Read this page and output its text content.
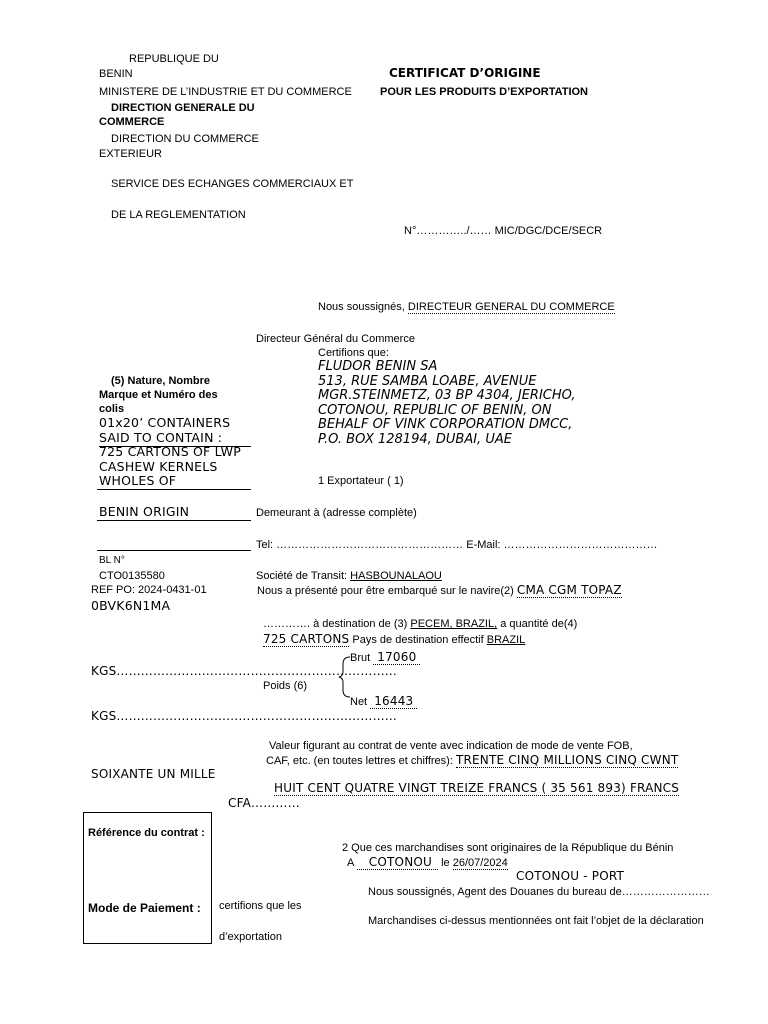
REPUBLIQUE DU
BENIN
MINISTERE DE L’INDUSTRIE ET DU COMMERCE
DIRECTION GENERALE DU
COMMERCE
DIRECTION DU COMMERCE
EXTERIEUR
SERVICE DES ECHANGES COMMERCIAUX ET
DE LA REGLEMENTATION
CERTIFICAT D’ORIGINE
POUR LES PRODUITS D’EXPORTATION
N°…………../…… MIC/DGC/DCE/SECR
Nous soussignés, DIRECTEUR GENERAL DU COMMERCE
Directeur Général du Commerce
Certifions que:
FLUDOR BENIN SA
513, RUE SAMBA LOABE, AVENUE
MGR.STEINMETZ, 03 BP 4304, JERICHO,
COTONOU, REPUBLIC OF BENIN, ON
BEHALF OF VINK CORPORATION DMCC,
P.O. BOX 128194, DUBAI, UAE
1 Exportateur ( 1)
(5) Nature, Nombre
Marque et Numéro des
colis
01x20’ CONTAINERS
SAID TO CONTAIN :
725 CARTONS OF LWP
CASHEW KERNELS
WHOLES OF
BENIN ORIGIN
BL N°
CTO0135580
REF PO: 2024-0431-01
0BVK6N1MA
Demeurant à (adresse complète)
Tel: …………………………………………… E-Mail: ……………………………………
Société de Transit: HASBOUNALAOU
Nous a présenté pour être embarqué sur le navire(2) CMA CGM TOPAZ
…………. à destination de (3) PECEM, BRAZIL, a quantité de(4)
725 CARTONS Pays de destination effectif BRAZIL
Brut 17060
KGS……………………………………………………………
Poids (6)
Net 16443
KGS……………………………………………………………
Valeur figurant au contrat de vente avec indication de mode de vente FOB,
CAF, etc. (en toutes lettres et chiffres): TRENTE CINQ MILLIONS CINQ CWNT
SOIXANTE UN MILLE
HUIT CENT QUATRE VINGT TREIZE FRANCS ( 35 561 893) FRANCS
CFA…………
Référence du contrat :
Mode de Paiement :
2 Que ces marchandises sont originaires de la République du Bénin
A COTONOU le 26/07/2024
COTONOU - PORT
Nous soussignés, Agent des Douanes du bureau de……………………
certifions que les
Marchandises ci-dessus mentionnées ont fait l’objet de la déclaration
d’exportation
